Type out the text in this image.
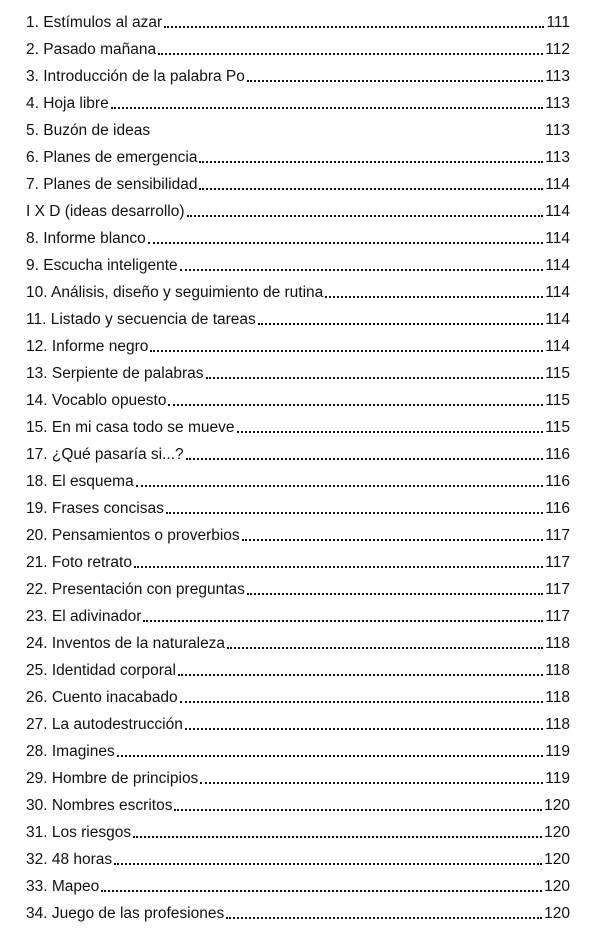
1. Estímulos al azar	111
2. Pasado mañana	112
3. Introducción de la palabra Po	113
4. Hoja libre	113
5. Buzón de ideas	113
6. Planes de emergencia	113
7. Planes de sensibilidad	114
I X D (ideas desarrollo)	114
8. Informe blanco	114
9. Escucha inteligente	114
10. Análisis, diseño y seguimiento de rutina	114
11. Listado y secuencia de tareas	114
12. Informe negro	114
13. Serpiente de palabras	115
14. Vocablo opuesto	115
15. En mi casa todo se mueve	115
17. ¿Qué pasaría si...?	116
18. El esquema	116
19. Frases concisas	116
20. Pensamientos o proverbios	117
21. Foto retrato	117
22. Presentación con preguntas	117
23. El adivinador	117
24. Inventos de la naturaleza	118
25. Identidad corporal	118
26. Cuento inacabado	118
27. La autodestrucción	118
28. Imagines	119
29. Hombre de principios	119
30. Nombres escritos	120
31. Los riesgos	120
32. 48 horas	120
33. Mapeo	120
34. Juego de las profesiones	120
